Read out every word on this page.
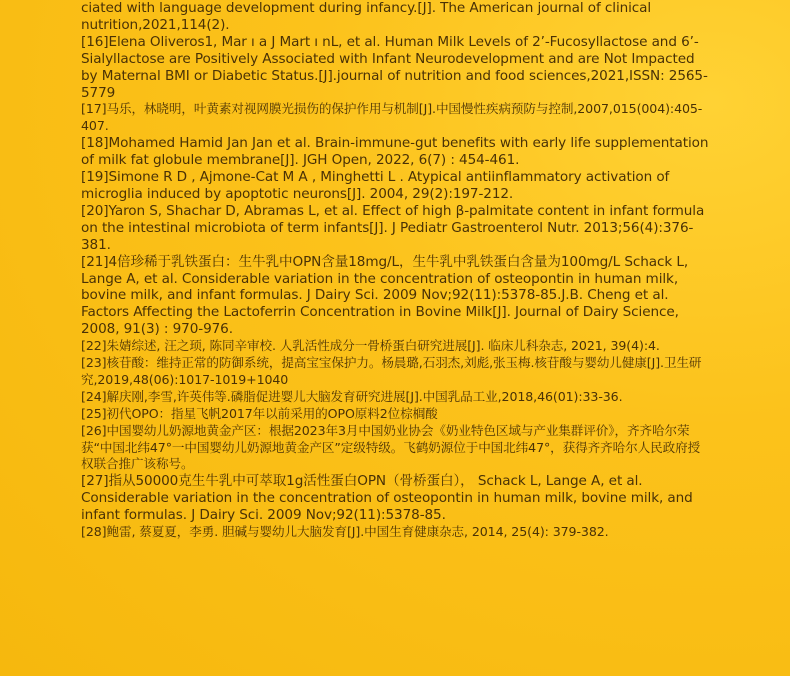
ciated with language development during infancy.[J]. The American journal of clinical nutrition,2021,114(2).

[16]Elena Oliveros1, Mar ı a J Mart ı nL, et al. Human Milk Levels of 2’-Fucosyllactose and 6’-Sialyllactose are Positively Associated with Infant Neurodevelopment and are Not Impacted by Maternal BMI or Diabetic Status.[J].journal of nutrition and food sciences,2021,ISSN: 2565-5779

[17]马乐，林晓明，叶黄素对视网膜光损伤的保护作用与机制[J].中国慢性疾病预防与控制,2007,015(004):405-407.

[18]Mohamed Hamid Jan Jan et al. Brain-immune-gut benefits with early life supplementation of milk fat globule membrane[J]. JGH Open, 2022, 6(7) : 454-461.

[19]Simone R D , Ajmone-Cat M A , Minghetti L . Atypical antiinflammatory activation of microglia induced by apoptotic neurons[J]. 2004, 29(2):197-212.

[20]Yaron S, Shachar D, Abramas L, et al. Effect of high β-palmitate content in infant formula on the intestinal microbiota of term infants[J]. J Pediatr Gastroenterol Nutr. 2013;56(4):376-381.

[21]4倍珍稀于乳铁蛋白：生牛乳中OPN含量18mg/L，生牛乳中乳铁蛋白含量为100mg/L Schack L, Lange A, et al. Considerable variation in the concentration of osteopontin in human milk, bovine milk, and infant formulas. J Dairy Sci. 2009 Nov;92(11):5378-85.J.B. Cheng et al. Factors Affecting the Lactoferrin Concentration in Bovine Milk[J]. Journal of Dairy Science, 2008, 91(3) : 970-976.

[22]朱婧综述, 汪之顼, 陈同辛审校. 人乳活性成分一骨桥蛋白研究进展[J]. 临床儿科杂志, 2021, 39(4):4.

[23]核苷酸：维持正常的防御系统，提高宝宝保护力。杨晨璐,石羽杰,刘彪,张玉梅.核苷酸与婴幼儿健康[J].卫生研究,2019,48(06):1017-1019+1040

[24]解庆刚,李雪,许英伟等.磷脂促进婴儿大脑发育研究进展[J].中国乳品工业,2018,46(01):33-36.

[25]初代OPO：指星飞帆2017年以前采用的OPO原料2位棕榈酸

[26]中国婴幼儿奶源地黄金产区：根据2023年3月中国奶业协会《奶业特色区域与产业集群评价》，齐齐哈尔荣获“中国北纬47°一中国婴幼儿奶源地黄金产区”定级特级。飞鹤奶源位于中国北纬47°，获得齐齐哈尔人民政府授权联合推广该称号。

[27]指从50000克生牛乳中可萃取1g活性蛋白OPN（骨桥蛋白）， Schack L, Lange A, et al. Considerable variation in the concentration of osteopontin in human milk, bovine milk, and infant formulas. J Dairy Sci. 2009 Nov;92(11):5378-85.

[28]鲍雷, 蔡夏夏，李勇. 胆碱与婴幼儿大脑发育[J].中国生育健康杂志, 2014, 25(4): 379-382.
